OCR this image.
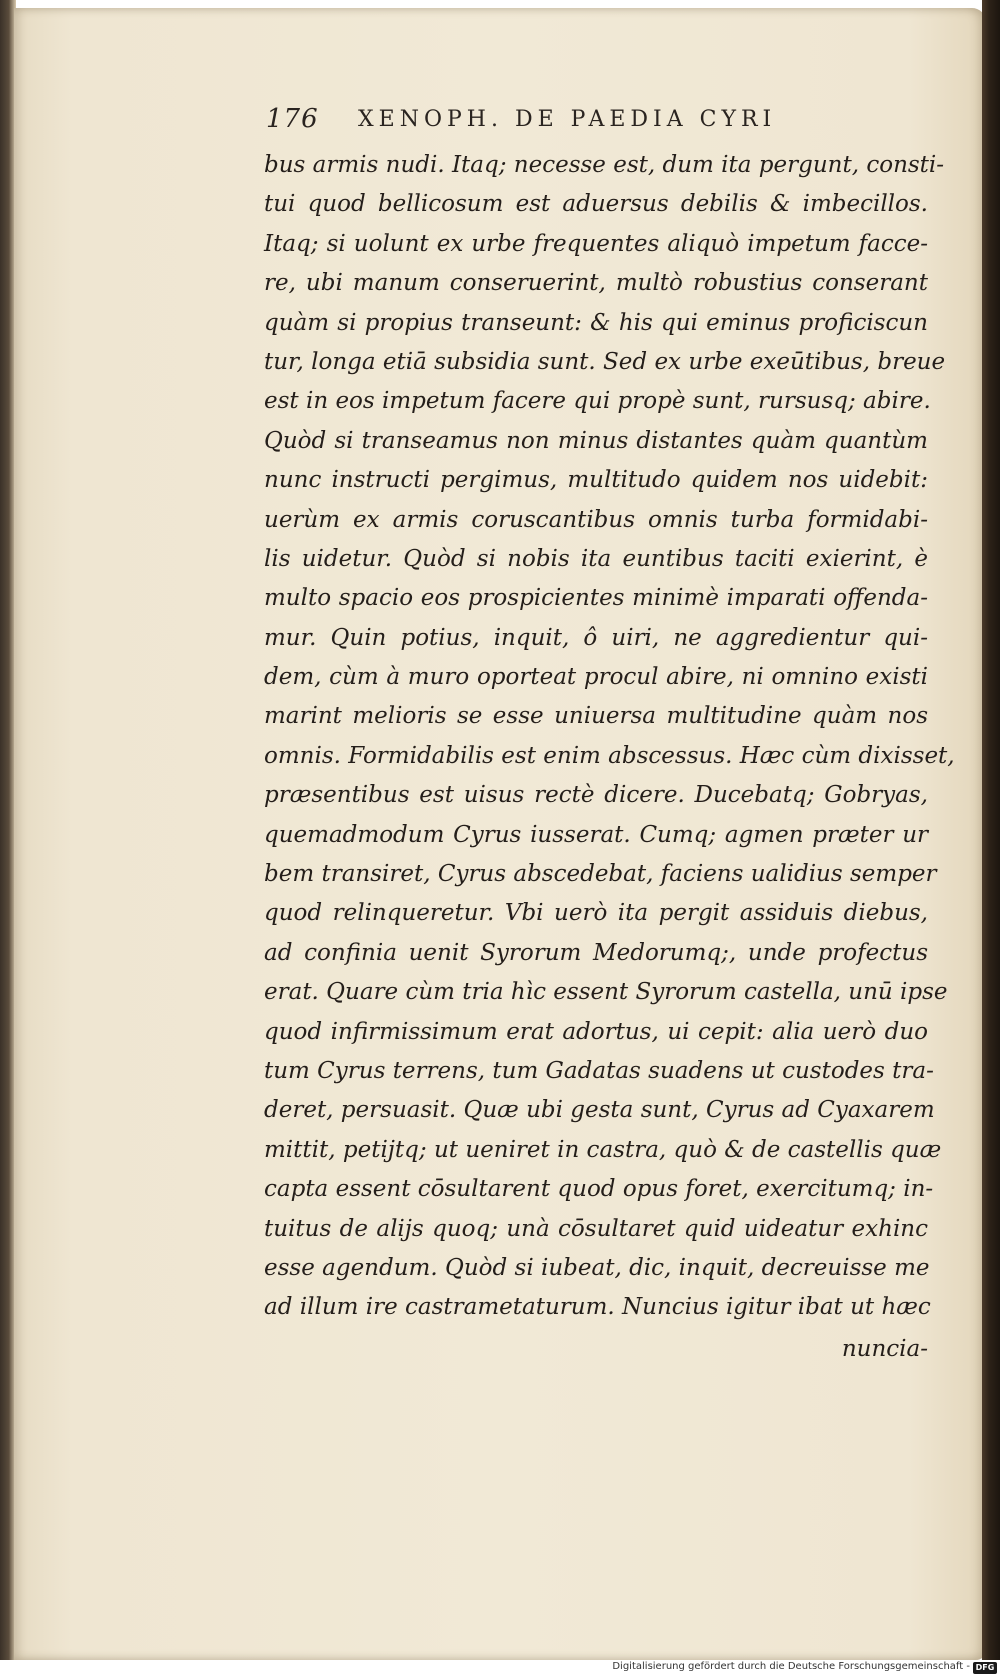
176 XENOPH. DE PAEDIA CYRI
bus armis nudi. Itaq; necesse est, dum ita pergunt, consti-
tui quod bellicosum est aduersus debilis & imbecillos.
Itaq; si uolunt ex urbe frequentes aliquò impetum facce-
re, ubi manum conseruerint, multò robustius conserant
quàm si propius transeunt: & his qui eminus proficiscun
tur, longa etiā subsidia sunt. Sed ex urbe exeūtibus, breue
est in eos impetum facere qui propè sunt, rursusq; abire.
Quòd si transeamus non minus distantes quàm quantùm
nunc instructi pergimus, multitudo quidem nos uidebit:
uerùm ex armis coruscantibus omnis turba formidabi-
lis uidetur. Quòd si nobis ita euntibus taciti exierint, è
multo spacio eos prospicientes minimè imparati offenda-
mur. Quin potius, inquit, ô uiri, ne aggredientur qui-
dem, cùm à muro oporteat procul abire, ni omnino existi
marint melioris se esse uniuersa multitudine quàm nos
omnis. Formidabilis est enim abscessus. Hæc cùm dixisset,
præsentibus est uisus rectè dicere. Ducebatq; Gobryas,
quemadmodum Cyrus iusserat. Cumq; agmen præter ur
bem transiret, Cyrus abscedebat, faciens ualidius semper
quod relinqueretur. Vbi uerò ita pergit assiduis diebus,
ad confinia uenit Syrorum Medorumq;, unde profectus
erat. Quare cùm tria hìc essent Syrorum castella, unū ipse
quod infirmissimum erat adortus, ui cepit: alia uerò duo
tum Cyrus terrens, tum Gadatas suadens ut custodes tra-
deret, persuasit. Quæ ubi gesta sunt, Cyrus ad Cyaxarem
mittit, petijtq; ut ueniret in castra, quò & de castellis quæ
capta essent cōsultarent quod opus foret, exercitumq; in-
tuitus de alijs quoq; unà cōsultaret quid uideatur exhinc
esse agendum. Quòd si iubeat, dic, inquit, decreuisse me
ad illum ire castrametaturum. Nuncius igitur ibat ut hæc
nuncia-
Digitalisierung gefördert durch die Deutsche Forschungsgemeinschaft - DFG
